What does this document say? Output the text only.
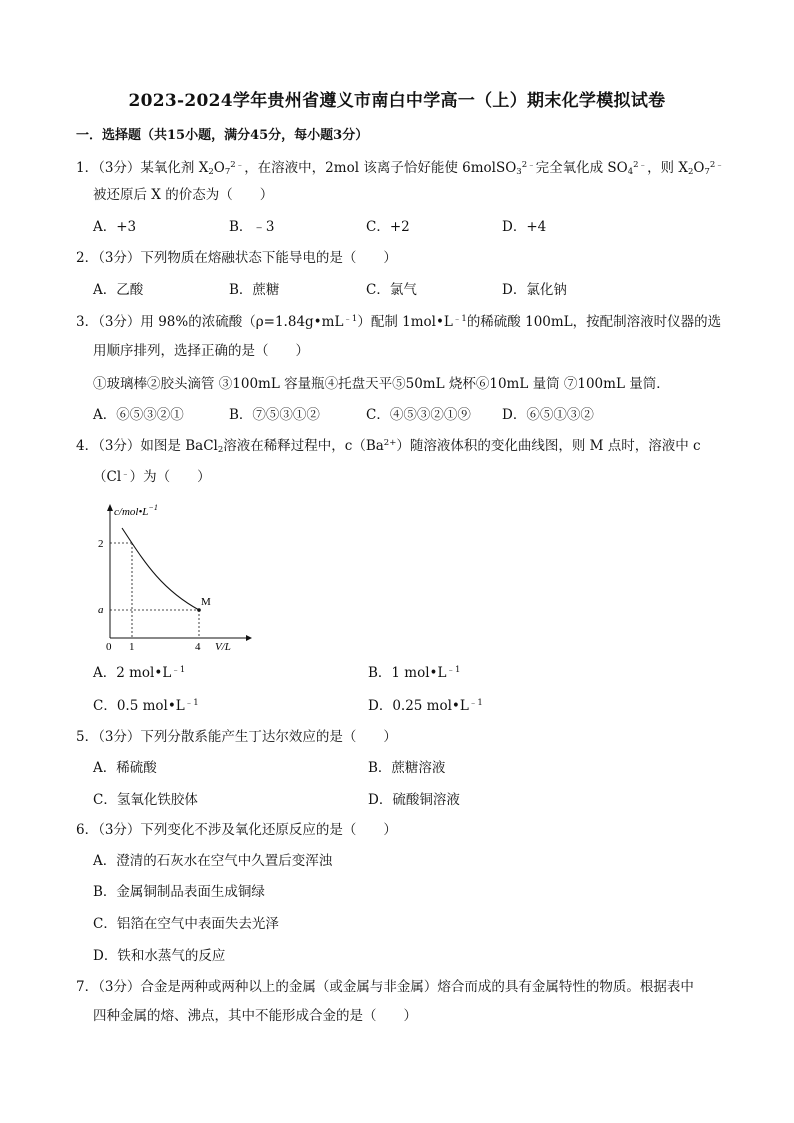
2023-2024学年贵州省遵义市南白中学高一（上）期末化学模拟试卷
一．选择题（共15小题，满分45分，每小题3分）
1．（3分）某氧化剂 $X_2O_7^{2﹣}$，在溶液中，2mol 该离子恰好能使 6molSO$_3^{2﹣}$完全氧化成 $SO_4^{2﹣}$，则 $X_2O_7^{2﹣}$
被还原后 X 的价态为（　　）
A．+3	B．﹣3	C．+2	D．+4
2．（3分）下列物质在熔融状态下能导电的是（　　）
A．乙酸	B．蔗糖	C．氯气	D．氯化钠
3．（3分）用 98%的浓硫酸$(\rho=1.84g•mL^{﹣1})$配制 $1mol•L^{﹣1}$的稀硫酸 100mL，按配制溶液时仪器的选
用顺序排列，选择正确的是（　　）
①玻璃棒②胶头滴管 ③100mL 容量瓶④托盘天平⑤50mL 烧杯⑥10mL 量筒 ⑦100mL 量筒．
A．⑥⑤③②①	B．⑦⑤③①②	C．④⑤③②①⑨ D．⑥⑤①③②
4．（3分）如图是 BaCl$_2$溶液在稀释过程中，$c(Ba^{2+})$随溶液体积的变化曲线图，则 M 点时，溶液中 c
（Cl﹣）为（　　）
$c/mol•L^{-1}$
2
a
0 1	4 V/L
M
A．2 $mol•L^{﹣1}$	B．1 $mol•L^{﹣1}$
C．0.5 $mol•L^{﹣1}$	D．0.25 $mol•L^{﹣1}$
5．（3分）下列分散系能产生丁达尔效应的是（　　）
A．稀硫酸	B．蔗糖溶液
C．氢氧化铁胶体	D．硫酸铜溶液
6．（3分）下列变化不涉及氧化还原反应的是（　　）
A．澄清的石灰水在空气中久置后变浑浊
B．金属铜制品表面生成铜绿
C．铝箔在空气中表面失去光泽
D．铁和水蒸气的反应
7．（3分）合金是两种或两种以上的金属（或金属与非金属）熔合而成的具有金属特性的物质。根据表中
四种金属的熔、沸点，其中不能形成合金的是（　　）
